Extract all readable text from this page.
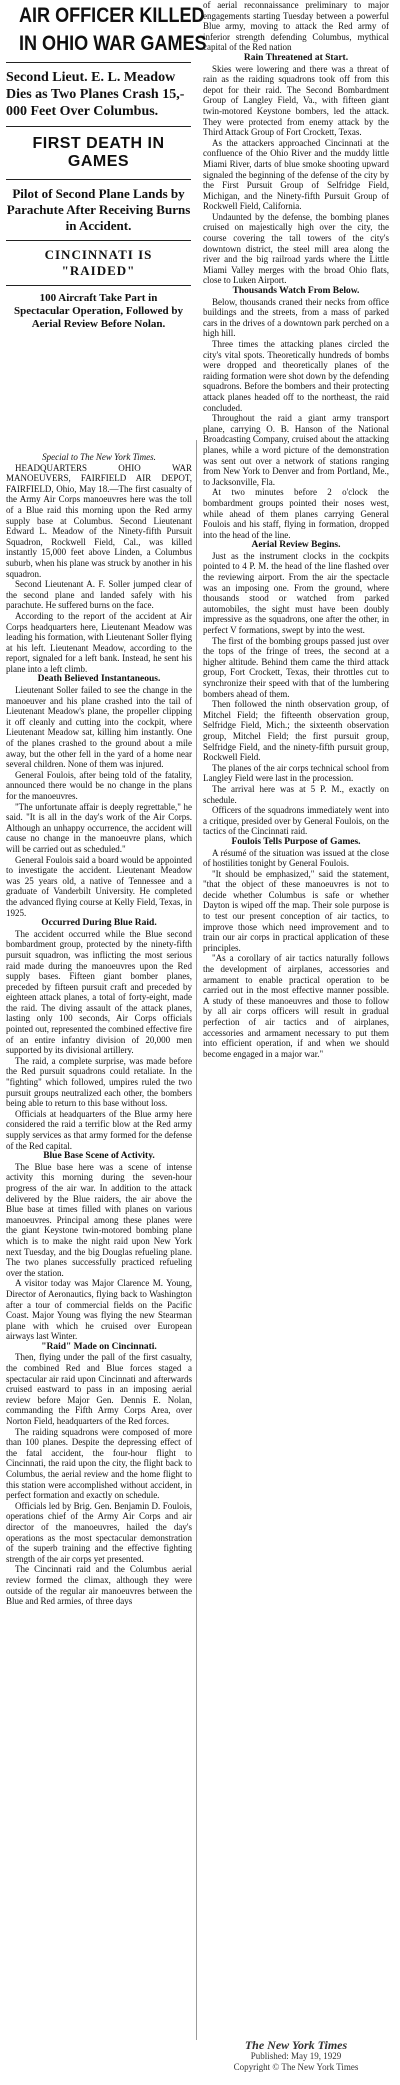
AIR OFFICER KILLED
IN OHIO WAR GAMES
Second Lieut. E. L. Meadow Dies as Two Planes Crash 15,- 000 Feet Over Columbus.
FIRST DEATH IN GAMES
Pilot of Second Plane Lands by Parachute After Receiving Burns in Accident.
CINCINNATI IS "RAIDED"
100 Aircraft Take Part in Spectacular Operation, Followed by Aerial Review Before Nolan.

Special to The New York Times.

HEADQUARTERS OHIO WAR MANOEUVERS, FAIRFIELD AIR DEPOT, FAIRFIELD, Ohio, May 18.—The first casualty of the Army Air Corps manoeuvres here was the toll of a Blue raid this morning upon the Red army supply base at Columbus. Second Lieutenant Edward L. Meadow of the Ninety-fifth Pursuit Squadron, Rockwell Field, Cal., was killed instantly 15,000 feet above Linden, a Columbus suburb, when his plane was struck by another in his squadron.

Second Lieutenant A. F. Soller jumped clear of the second plane and landed safely with his parachute. He suffered burns on the face.

According to the report of the accident at Air Corps headquarters here, Lieutenant Meadow was leading his formation, with Lieutenant Soller flying at his left. Lieutenant Meadow, according to the report, signaled for a left bank. Instead, he sent his plane into a left climb.

Death Believed Instantaneous.

Lieutenant Soller failed to see the change in the manoeuver and his plane crashed into the tail of Lieutenant Meadow's plane, the propeller clipping it off cleanly and cutting into the cockpit, where Lieutenant Meadow sat, killing him instantly. One of the planes crashed to the ground about a mile away, but the other fell in the yard of a home near several children. None of them was injured.

General Foulois, after being told of the fatality, announced there would be no change in the plans for the manoeuvres.

"The unfortunate affair is deeply regrettable," he said. "It is all in the day's work of the Air Corps. Although an unhappy occurrence, the accident will cause no change in the manoeuvre plans, which will be carried out as scheduled."

General Foulois said a board would be appointed to investigate the accident. Lieutenant Meadow was 25 years old, a native of Tennessee and a graduate of Vanderbilt University. He completed the advanced flying course at Kelly Field, Texas, in 1925.

Occurred During Blue Raid.

The accident occurred while the Blue second bombardment group, protected by the ninety-fifth pursuit squadron, was inflicting the most serious raid made during the manoeuvres upon the Red supply bases. Fifteen giant bomber planes, preceded by fifteen pursuit craft and preceded by eighteen attack planes, a total of forty-eight, made the raid. The diving assault of the attack planes, lasting only 100 seconds, Air Corps officials pointed out, represented the combined effective fire of an entire infantry division of 20,000 men supported by its divisional artillery.

The raid, a complete surprise, was made before the Red pursuit squadrons could retaliate. In the "fighting" which followed, umpires ruled the two pursuit groups neutralized each other, the bombers being able to return to this base without loss.

Officials at headquarters of the Blue army here considered the raid a terrific blow at the Red army supply services as that army formed for the defense of the Red capital.

Blue Base Scene of Activity.

The Blue base here was a scene of intense activity this morning during the seven-hour progress of the air war. In addition to the attack delivered by the Blue raiders, the air above the Blue base at times filled with planes on various manoeuvres. Principal among these planes were the giant Keystone twin-motored bombing plane which is to make the night raid upon New York next Tuesday, and the big Douglas refueling plane. The two planes successfully practiced refueling over the station.

A visitor today was Major Clarence M. Young, Director of Aeronautics, flying back to Washington after a tour of commercial fields on the Pacific Coast. Major Young was flying the new Stearman plane with which he cruised over European airways last Winter.

"Raid" Made on Cincinnati.

Then, flying under the pall of the first casualty, the combined Red and Blue forces staged a spectacular air raid upon Cincinnati and afterwards cruised eastward to pass in an imposing aerial review before Major Gen. Dennis E. Nolan, commanding the Fifth Army Corps Area, over Norton Field, headquarters of the Red forces.

The raiding squadrons were composed of more than 100 planes. Despite the depressing effect of the fatal accident, the four-hour flight to Cincinnati, the raid upon the city, the flight back to Columbus, the aerial review and the home flight to this station were accomplished without accident, in perfect formation and exactly on schedule.

Officials led by Brig. Gen. Benjamin D. Foulois, operations chief of the Army Air Corps and air director of the manoeuvres, hailed the day's operations as the most spectacular demonstration of the superb training and the effective fighting strength of the air corps yet presented.

The Cincinnati raid and the Columbus aerial review formed the climax, although they were outside of the regular air manoeuvres between the Blue and Red armies, of three days

of aerial reconnaissance preliminary to major engagements starting Tuesday between a powerful Blue army, moving to attack the Red army of inferior strength defending Columbus, mythical capital of the Red nation

Rain Threatened at Start.

Skies were lowering and there was a threat of rain as the raiding squadrons took off from this depot for their raid. The Second Bombardment Group of Langley Field, Va., with fifteen giant twin-motored Keystone bombers, led the attack. They were protected from enemy attack by the Third Attack Group of Fort Crockett, Texas.

As the attackers approached Cincinnati at the confluence of the Ohio River and the muddy little Miami River, darts of blue smoke shooting upward signaled the beginning of the defense of the city by the First Pursuit Group of Selfridge Field, Michigan, and the Ninety-fifth Pursuit Group of Rockwell Field, California.

Undaunted by the defense, the bombing planes cruised on majestically high over the city, the course covering the tall towers of the city's downtown district, the steel mill area along the river and the big railroad yards where the Little Miami Valley merges with the broad Ohio flats, close to Luken Airport.

Thousands Watch From Below.

Below, thousands craned their necks from office buildings and the streets, from a mass of parked cars in the drives of a downtown park perched on a high hill.

Three times the attacking planes circled the city's vital spots. Theoretically hundreds of bombs were dropped and theoretically planes of the raiding formation were shot down by the defending squadrons. Before the bombers and their protecting attack planes headed off to the northeast, the raid concluded.

Throughout the raid a giant army transport plane, carrying O. B. Hanson of the National Broadcasting Company, cruised about the attacking planes, while a word picture of the demonstration was sent out over a network of stations ranging from New York to Denver and from Portland, Me., to Jacksonville, Fla.

At two minutes before 2 o'clock the bombardment groups pointed their noses west, while ahead of them planes carrying General Foulois and his staff, flying in formation, dropped into the head of the line.

Aerial Review Begins.

Just as the instrument clocks in the cockpits pointed to 4 P. M. the head of the line flashed over the reviewing airport. From the air the spectacle was an imposing one. From the ground, where thousands stood or watched from parked automobiles, the sight must have been doubly impressive as the squadrons, one after the other, in perfect V formations, swept by into the west.

The first of the bombing groups passed just over the tops of the fringe of trees, the second at a higher altitude. Behind them came the third attack group, Fort Crockett, Texas, their throttles cut to synchronize their speed with that of the lumbering bombers ahead of them.

Then followed the ninth observation group, of Mitchel Field; the fifteenth observation group, Selfridge Field, Mich.; the sixteenth observation group, Mitchel Field; the first pursuit group, Selfridge Field, and the ninety-fifth pursuit group, Rockwell Field.

The planes of the air corps technical school from Langley Field were last in the procession.

The arrival here was at 5 P. M., exactly on schedule.

Officers of the squadrons immediately went into a critique, presided over by General Foulois, on the tactics of the Cincinnati raid.

Foulois Tells Purpose of Games.

A résumé of the situation was issued at the close of hostilities tonight by General Foulois.

"It should be emphasized," said the statement, "that the object of these manoeuvres is not to decide whether Columbus is safe or whether Dayton is wiped off the map. Their sole purpose is to test our present conception of air tactics, to improve those which need improvement and to train our air corps in practical application of these principles.

"As a corollary of air tactics naturally follows the development of airplanes, accessories and armament to enable practical operation to be carried out in the most effective manner possible. A study of these manoeuvres and those to follow by all air corps officers will result in gradual perfection of air tactics and of airplanes, accessories and armament necessary to put them into efficient operation, if and when we should become engaged in a major war."

The New York Times
Published: May 19, 1929
Copyright © The New York Times
